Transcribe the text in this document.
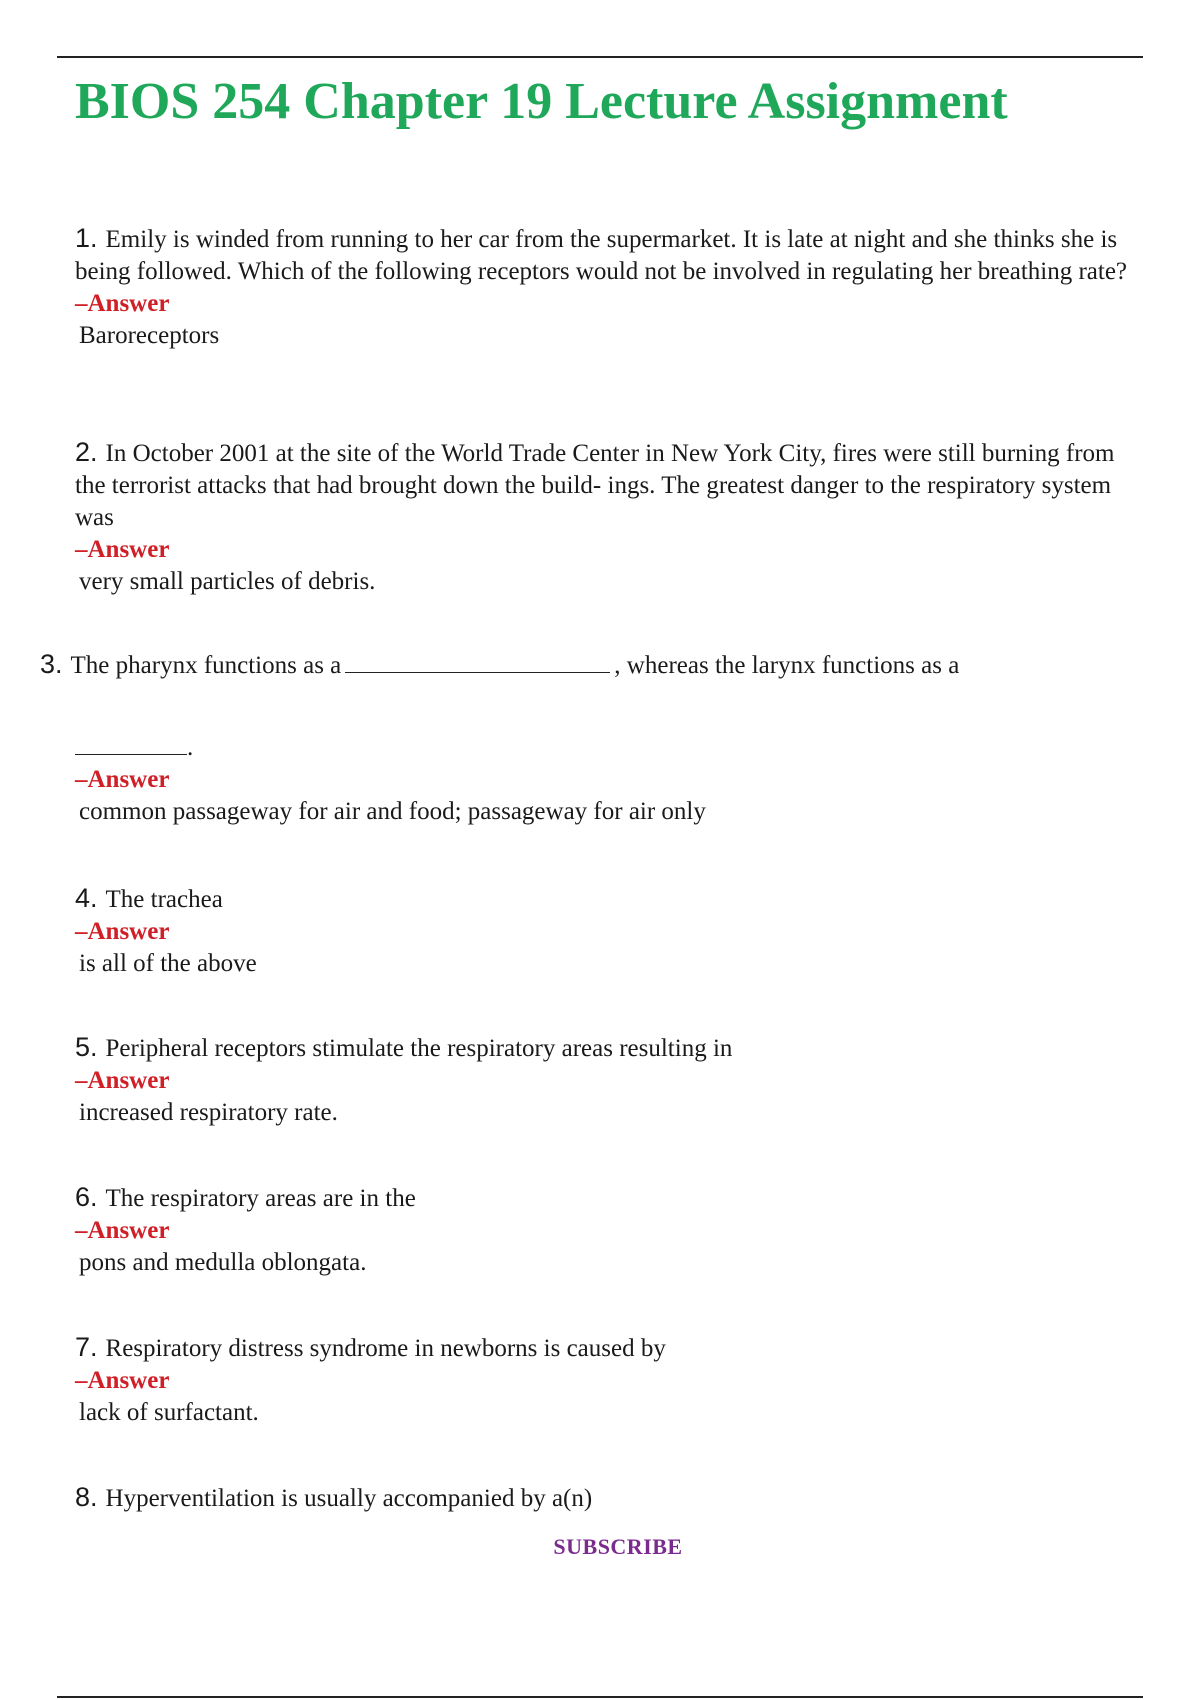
BIOS 254 Chapter 19 Lecture Assignment

1. Emily is winded from running to her car from the supermarket. It is late at night and she thinks she is being followed. Which of the following receptors would not be involved in regulating her breathing rate?

–Answer

Baroreceptors

2. In October 2001 at the site of the World Trade Center in New York City, fires were still burning from the terrorist attacks that had brought down the build- ings. The greatest danger to the respiratory system was

–Answer

very small particles of debris.

3. The pharynx functions as a	, whereas the larynx functions as a

.

–Answer

common passageway for air and food; passageway for air only

4. The trachea

–Answer

is all of the above

5. Peripheral receptors stimulate the respiratory areas resulting in

–Answer

increased respiratory rate.

6. The respiratory areas are in the

–Answer

pons and medulla oblongata.

7. Respiratory distress syndrome in newborns is caused by

–Answer

lack of surfactant.

8. Hyperventilation is usually accompanied by a(n)

SUBSCRIBE
